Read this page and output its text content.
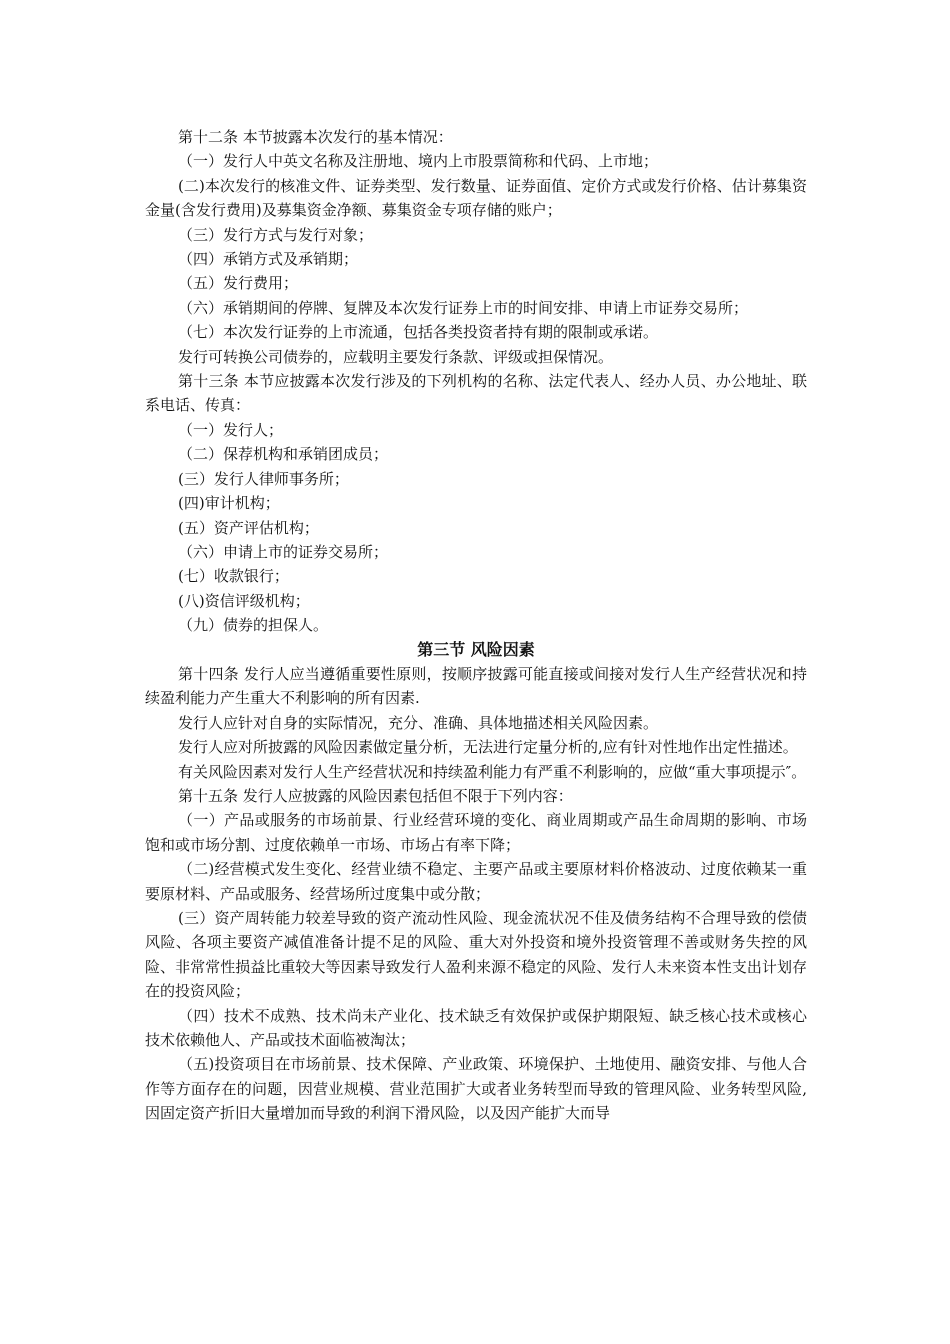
第十二条 本节披露本次发行的基本情况：

（一）发行人中英文名称及注册地、境内上市股票简称和代码、上市地；

(二)本次发行的核准文件、证券类型、发行数量、证券面值、定价方式或发行价格、估计募集资金量(含发行费用)及募集资金净额、募集资金专项存储的账户；

（三）发行方式与发行对象；

（四）承销方式及承销期；

（五）发行费用；

（六）承销期间的停牌、复牌及本次发行证券上市的时间安排、申请上市证券交易所；

（七）本次发行证券的上市流通，包括各类投资者持有期的限制或承诺。

发行可转换公司债券的，应载明主要发行条款、评级或担保情况。

第十三条 本节应披露本次发行涉及的下列机构的名称、法定代表人、经办人员、办公地址、联系电话、传真：

（一）发行人；

（二）保荐机构和承销团成员；

(三）发行人律师事务所；

(四)审计机构；

(五）资产评估机构；

（六）申请上市的证券交易所；

(七）收款银行；

(八)资信评级机构；

（九）债券的担保人。

第三节 风险因素

第十四条 发行人应当遵循重要性原则，按顺序披露可能直接或间接对发行人生产经营状况和持续盈利能力产生重大不利影响的所有因素.

发行人应针对自身的实际情况，充分、准确、具体地描述相关风险因素。

发行人应对所披露的风险因素做定量分析，无法进行定量分析的,应有针对性地作出定性描述。

有关风险因素对发行人生产经营状况和持续盈利能力有严重不利影响的，应做“重大事项提示″。

第十五条 发行人应披露的风险因素包括但不限于下列内容：

（一）产品或服务的市场前景、行业经营环境的变化、商业周期或产品生命周期的影响、市场饱和或市场分割、过度依赖单一市场、市场占有率下降；

（二)经营模式发生变化、经营业绩不稳定、主要产品或主要原材料价格波动、过度依赖某一重要原材料、产品或服务、经营场所过度集中或分散；

(三）资产周转能力较差导致的资产流动性风险、现金流状况不佳及债务结构不合理导致的偿债风险、各项主要资产减值准备计提不足的风险、重大对外投资和境外投资管理不善或财务失控的风险、非常常性损益比重较大等因素导致发行人盈利来源不稳定的风险、发行人未来资本性支出计划存在的投资风险；

（四）技术不成熟、技术尚未产业化、技术缺乏有效保护或保护期限短、缺乏核心技术或核心技术依赖他人、产品或技术面临被淘汰；

（五)投资项目在市场前景、技术保障、产业政策、环境保护、土地使用、融资安排、与他人合作等方面存在的问题，因营业规模、营业范围扩大或者业务转型而导致的管理风险、业务转型风险,因固定资产折旧大量增加而导致的利润下滑风险，以及因产能扩大而导
